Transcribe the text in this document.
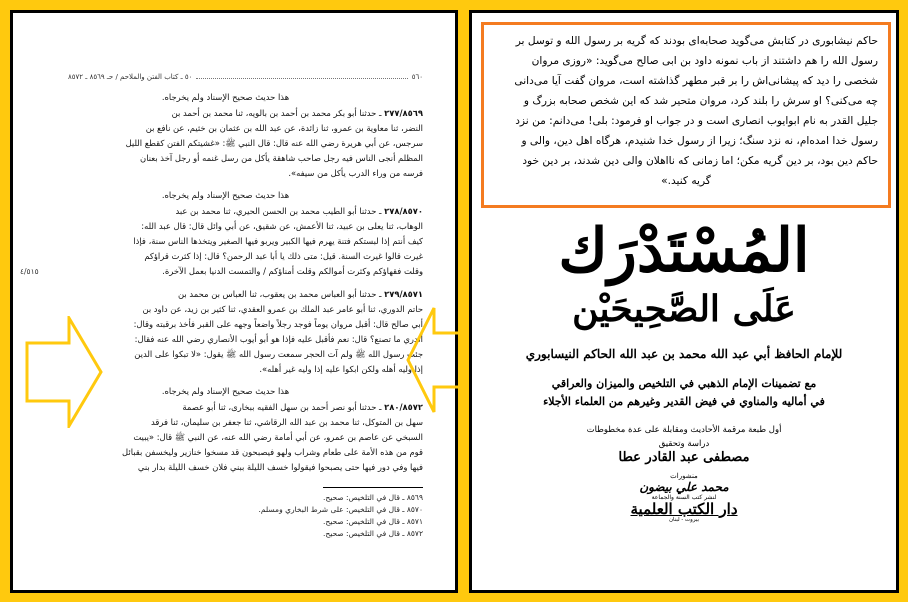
٥٦٠
٥٠ ـ كتاب الفتن والملاحم / حـ ٨٥٦٩ ـ ٨٥٧٢
هذا حديث صحيح الإسناد ولم يخرجاه.
٢٧٧/٨٥٦٩ ـ حدثنا أبو بكر محمد بن أحمد بن بالويه، ثنا محمد بن أحمد بن
النضر، ثنا معاوية بن عمرو، ثنا زائدة، عن عبد الله بن عثمان بن خثيم، عن نافع بن
سرجس، عن أبي هريرة رضي الله عنه قال: قال النبي ﷺ: «غشيتكم الفتن كقطع الليل
المظلم أنجى الناس فيه رجل صاحب شاهقة يأكل من رسل غنمه أو رجل آخذ بعنان
فرسه من وراء الدرب يأكل من سيفه».
هذا حديث صحيح الإسناد ولم يخرجاه.
٢٧٨/٨٥٧٠ ـ حدثنا أبو الطيب محمد بن الحسن الحيري، ثنا محمد بن عبد
الوهاب، ثنا يعلى بن عبيد، ثنا الأعمش، عن شقيق، عن أبي وائل قال: قال عبد الله:
كيف أنتم إذا لبستكم فتنة يهرم فيها الكبير ويربو فيها الصغير ويتخذها الناس سنة، فإذا
غيرت قالوا غيرت السنة. قيل: متى ذلك يا أبا عبد الرحمن؟ قال: إذا كثرت قراؤكم
وقلت فقهاؤكم وكثرت أموالكم وقلت أمناؤكم / والتمست الدنيا بعمل الآخرة.
٤/٥١٥
٢٧٩/٨٥٧١ ـ حدثنا أبو العباس محمد بن يعقوب، ثنا العباس بن محمد بن
حاتم الدوري، ثنا أبو عامر عبد الملك بن عمرو العقدي، ثنا كثير بن زيد، عن داود بن
أبي صالح قال: أقبل مروان يوماً فوجد رجلاً واضعاً وجهه على القبر فأخذ برقبته وقال:
أتدري ما تصنع؟ قال: نعم فأقبل عليه فإذا هو أبو أيوب الأنصاري رضي الله عنه فقال:
جئت رسول الله ﷺ ولم آت الحجر سمعت رسول الله ﷺ يقول: «لا تبكوا على الدين
إذا وليه أهله ولكن ابكوا عليه إذا وليه غير أهله».
هذا حديث صحيح الإسناد ولم يخرجاه.
٢٨٠/٨٥٧٢ ـ حدثنا أبو نصر أحمد بن سهل الفقيه ببخارى، ثنا أبو عصمة
سهل بن المتوكل، ثنا محمد بن عبد الله الرقاشي، ثنا جعفر بن سليمان، ثنا فرقد
السبخي عن عاصم بن عمرو، عن أبي أمامة رضي الله عنه، عن النبي ﷺ قال: «يبيت
قوم من هذه الأمة على طعام وشراب ولهو فيصبحون قد مسخوا خنازير وليخسفن بقبائل
فيها وفي دور فيها حتى يصبحوا فيقولوا خسف الليلة ببني فلان خسف الليلة بدار بني
٨٥٦٩ ـ قال في التلخيص: صحيح.
٨٥٧٠ ـ قال في التلخيص: على شرط البخاري ومسلم.
٨٥٧١ ـ قال في التلخيص: صحيح.
٨٥٧٢ ـ قال في التلخيص: صحيح.
حاکم نیشابوری در کتابش می‌گوید صحابه‌ای بودند که گریه بر رسول الله و توسل بر
رسول الله را هم داشتند از باب نمونه داود بن ابی صالح می‌گوید: «روزی مروان
شخصی را دید که پیشانی‌اش را بر قبر مطهر گذاشته است، مروان گفت آیا می‌دانی
چه می‌کنی؟ او سرش را بلند کرد، مروان متحیر شد که این شخص صحابه بزرگ و
جلیل القدر به نام ابوایوب انصاری است و در جواب او فرمود: بلی! می‌دانم: من نزد
رسول خدا امده‌ام، نه نزد سنگ؛ زیرا از رسول خدا شنیدم، هرگاه اهل دین، والی و
حاکم دین بود، بر دین گریه مکن؛ اما زمانی که نااهلان والی دین شدند، بر دین خود
گریه کنید.»
المُسْتَدْرَك
عَلَى الصَّحِيحَيْن
للإمام الحافظ أبي عبد الله محمد بن عبد الله الحاكم النيسابوري
مع تضمينات الإمام الذهبي في التلخيص والميزان والعراقي
في أماليه والمناوي في فيض القدير وغيرهم من العلماء الأجلاء
أول طبعة مرقمة الأحاديث ومقابلة على عدة مخطوطات
دراسة وتحقيق
مصطفى عبد القادر عطا
منشورات
محمد علي بيضون
لنشر كتب السنة والجماعة
دار الكتب العلمية
بيروت - لبنان
